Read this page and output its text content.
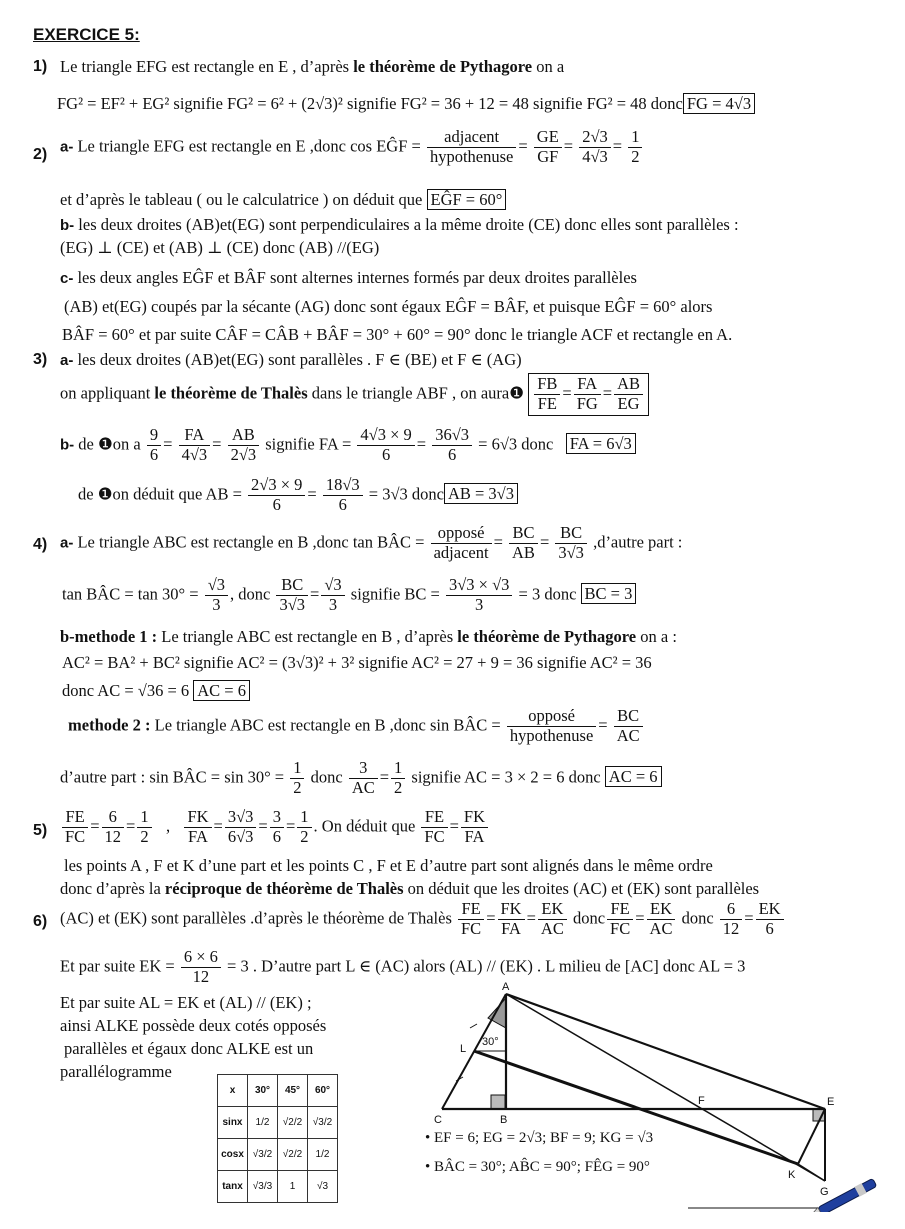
EXERCICE 5:
1) Le triangle EFG est rectangle en E , d’après le théorème de Pythagore on a
FG² = EF² + EG² signifie FG² = 6² + (2√3)² signifie FG² = 36 + 12 = 48 signifie FG² = 48 donc FG = 4√3
2) a- Le triangle EFG est rectangle en E ,donc cos EĜF = $\frac{\text{adjacent}}{\text{hypothenuse}} = \frac{GE}{GF} = \frac{2√3}{4√3} = \frac{1}{2}$
et d’après le tableau ( ou le calculatrice ) on déduit que EĜF = 60°
b- les deux droites (AB)et(EG) sont perpendiculaires a la même droite (CE) donc elles sont parallèles :
(EG) ⊥ (CE) et (AB) ⊥ (CE) donc (AB) //(EG)
c- les deux angles EĜF et BÂF sont alternes internes formés par deux droites parallèles
(AB) et(EG) coupés par la sécante (AG) donc sont égaux EĜF = BÂF, et puisque EĜF = 60° alors
BÂF = 60° et par suite CÂF = CÂB + BÂF = 30° + 60° = 90° donc le triangle ACF et rectangle en A.
3) a- les deux droites (AB)et(EG) sont parallèles . F ∈ (BE) et F ∈ (AG)
on appliquant le théorème de Thalès dans le triangle ABF , on aura❶ $\frac{FB}{FE} = \frac{FA}{FG} = \frac{AB}{EG}$
b- de ❶on a $\frac{9}{6} = \frac{FA}{4√3} = \frac{AB}{2√3}$ signifie FA = $\frac{4√3 \times 9}{6} = \frac{36√3}{6} = 6√3$ donc FA = 6√3
de ❶on déduit que AB = $\frac{2√3 \times 9}{6} = \frac{18√3}{6} = 3√3$ donc AB = 3√3
4) a- Le triangle ABC est rectangle en B ,donc tan BÂC = $\frac{\text{opposé}}{\text{adjacent}} = \frac{BC}{AB} = \frac{BC}{3√3}$ ,d’autre part :
tan BÂC = $\tan 30^\circ = \frac{√3}{3}$ , donc $\frac{BC}{3√3} = \frac{√3}{3}$ signifie BC = $\frac{3√3 \times √3}{3} = 3$ donc BC = 3
b-methode 1 : Le triangle ABC est rectangle en B , d’après le théorème de Pythagore on a :
AC² = BA² + BC² signifie AC² = (3√3)² + 3² signifie AC² = 27 + 9 = 36 signifie AC² = 36
donc AC = √36 = 6 AC = 6
methode 2 : Le triangle ABC est rectangle en B ,donc sin BÂC = $\frac{\text{opposé}}{\text{hypothenuse}} = \frac{BC}{AC}$
d’autre part : sin BÂC = $\sin 30^\circ = \frac{1}{2}$ donc $\frac{3}{AC} = \frac{1}{2}$ signifie AC = 3 × 2 = 6 donc AC = 6
$5) \frac{FE}{FC} = \frac{6}{12} = \frac{1}{2}$ , $\frac{FK}{FA} = \frac{3√3}{6√3} = \frac{3}{6} = \frac{1}{2}$ . On déduit que $\frac{FE}{FC} = \frac{FK}{FA}$
les points A , F et K d’une part et les points C , F et E d’autre part sont alignés dans le même ordre
donc d’après la réciproque de théorème de Thalès on déduit que les droites (AC) et (EK) sont parallèles
6) (AC) et (EK) sont parallèles .d’après le théorème de Thalès $\frac{FE}{FC} = \frac{FK}{FA} = \frac{EK}{AC}$ donc $\frac{FE}{FC} = \frac{EK}{AC}$ donc $\frac{6}{12} = \frac{EK}{6}$
Et par suite EK = $\frac{6 \times 6}{12} = 3$ . D’autre part L ∈ (AC) alors (AL) // (EK) . L milieu de [AC] donc AL = 3
Et par suite AL = EK et (AL) // (EK) ;
ainsi ALKE possède deux cotés opposés
parallèles et égaux donc ALKE est un
parallélogramme
x	30°	45°	60°
sinx	1/2	√2/2	√3/2
cosx	√3/2	√2/2	1/2
tanx	√3/3	1	√3
A
L
C	B
F	E
K
G
30°
• EF = 6; EG = 2√3; BF = 9; KG = √3
• BÂC = 30°; AB̂C = 90°; FÊG = 90°
